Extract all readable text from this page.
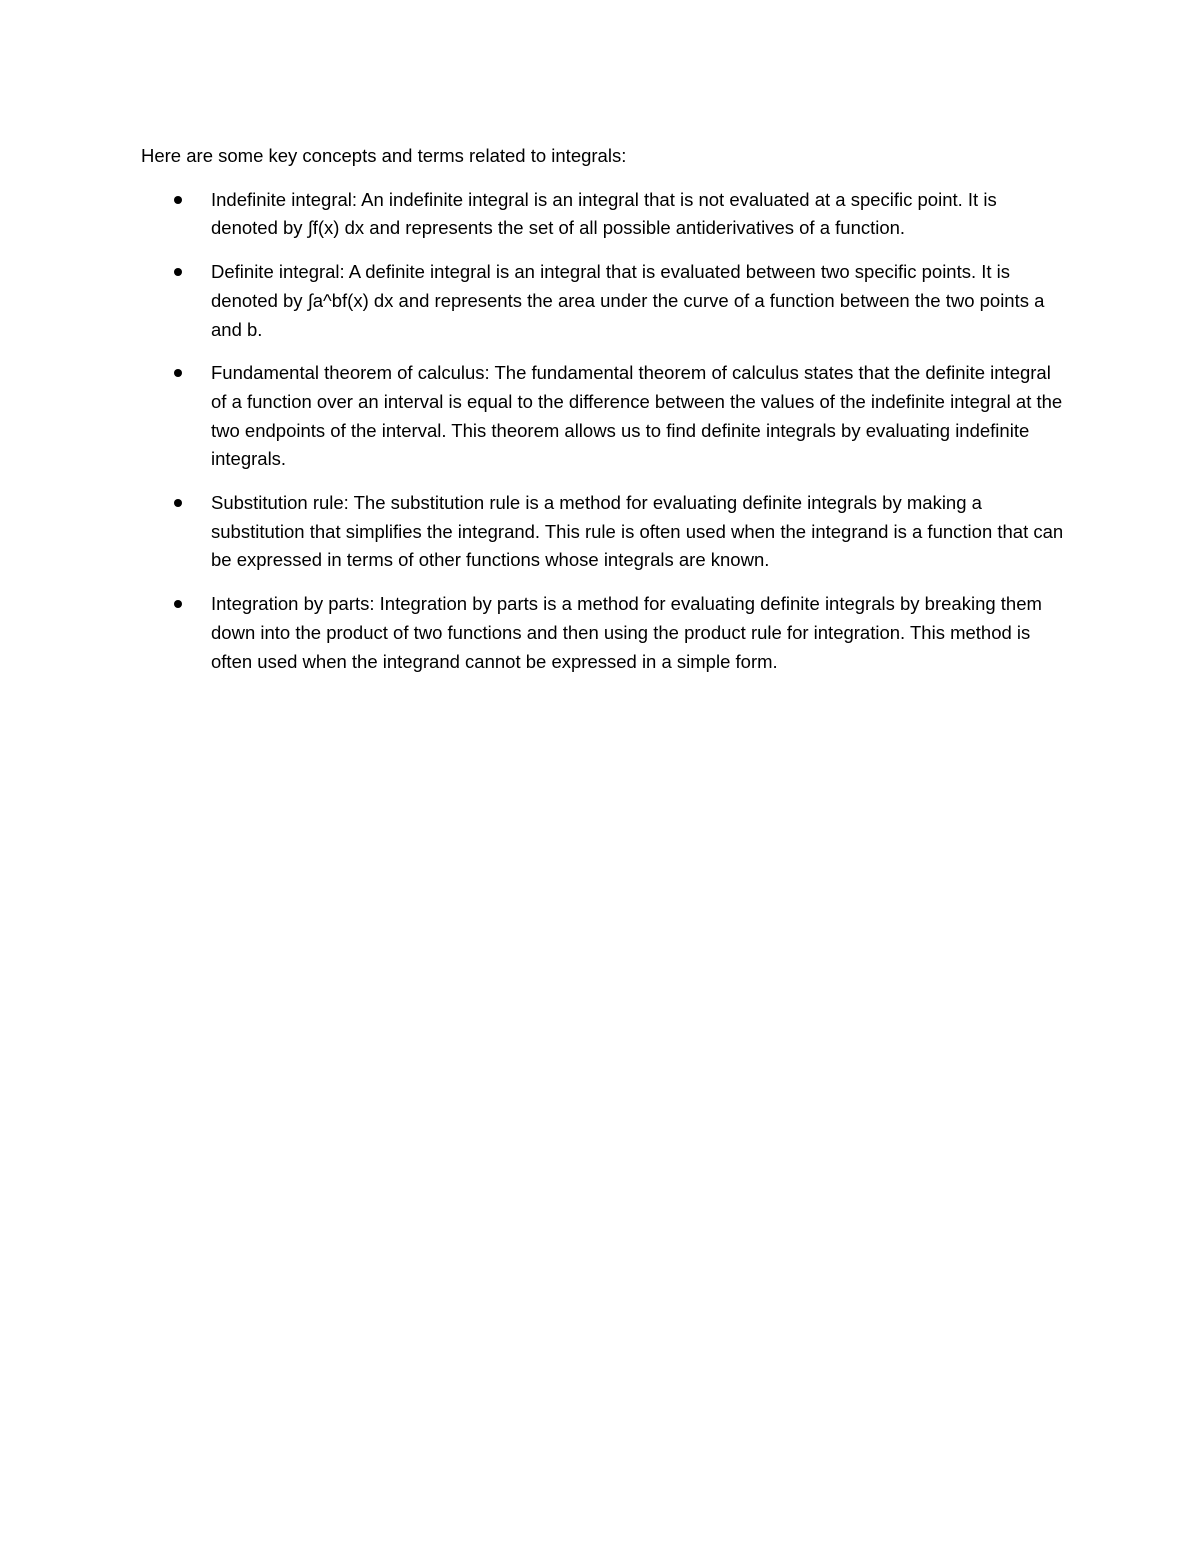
Here are some key concepts and terms related to integrals:

Indefinite integral: An indefinite integral is an integral that is not evaluated at a specific point. It is denoted by ∫f(x) dx and represents the set of all possible antiderivatives of a function.
Definite integral: A definite integral is an integral that is evaluated between two specific points. It is denoted by ∫a^bf(x) dx and represents the area under the curve of a function between the two points a and b.
Fundamental theorem of calculus: The fundamental theorem of calculus states that the definite integral of a function over an interval is equal to the difference between the values of the indefinite integral at the two endpoints of the interval. This theorem allows us to find definite integrals by evaluating indefinite integrals.
Substitution rule: The substitution rule is a method for evaluating definite integrals by making a substitution that simplifies the integrand. This rule is often used when the integrand is a function that can be expressed in terms of other functions whose integrals are known.
Integration by parts: Integration by parts is a method for evaluating definite integrals by breaking them down into the product of two functions and then using the product rule for integration. This method is often used when the integrand cannot be expressed in a simple form.
